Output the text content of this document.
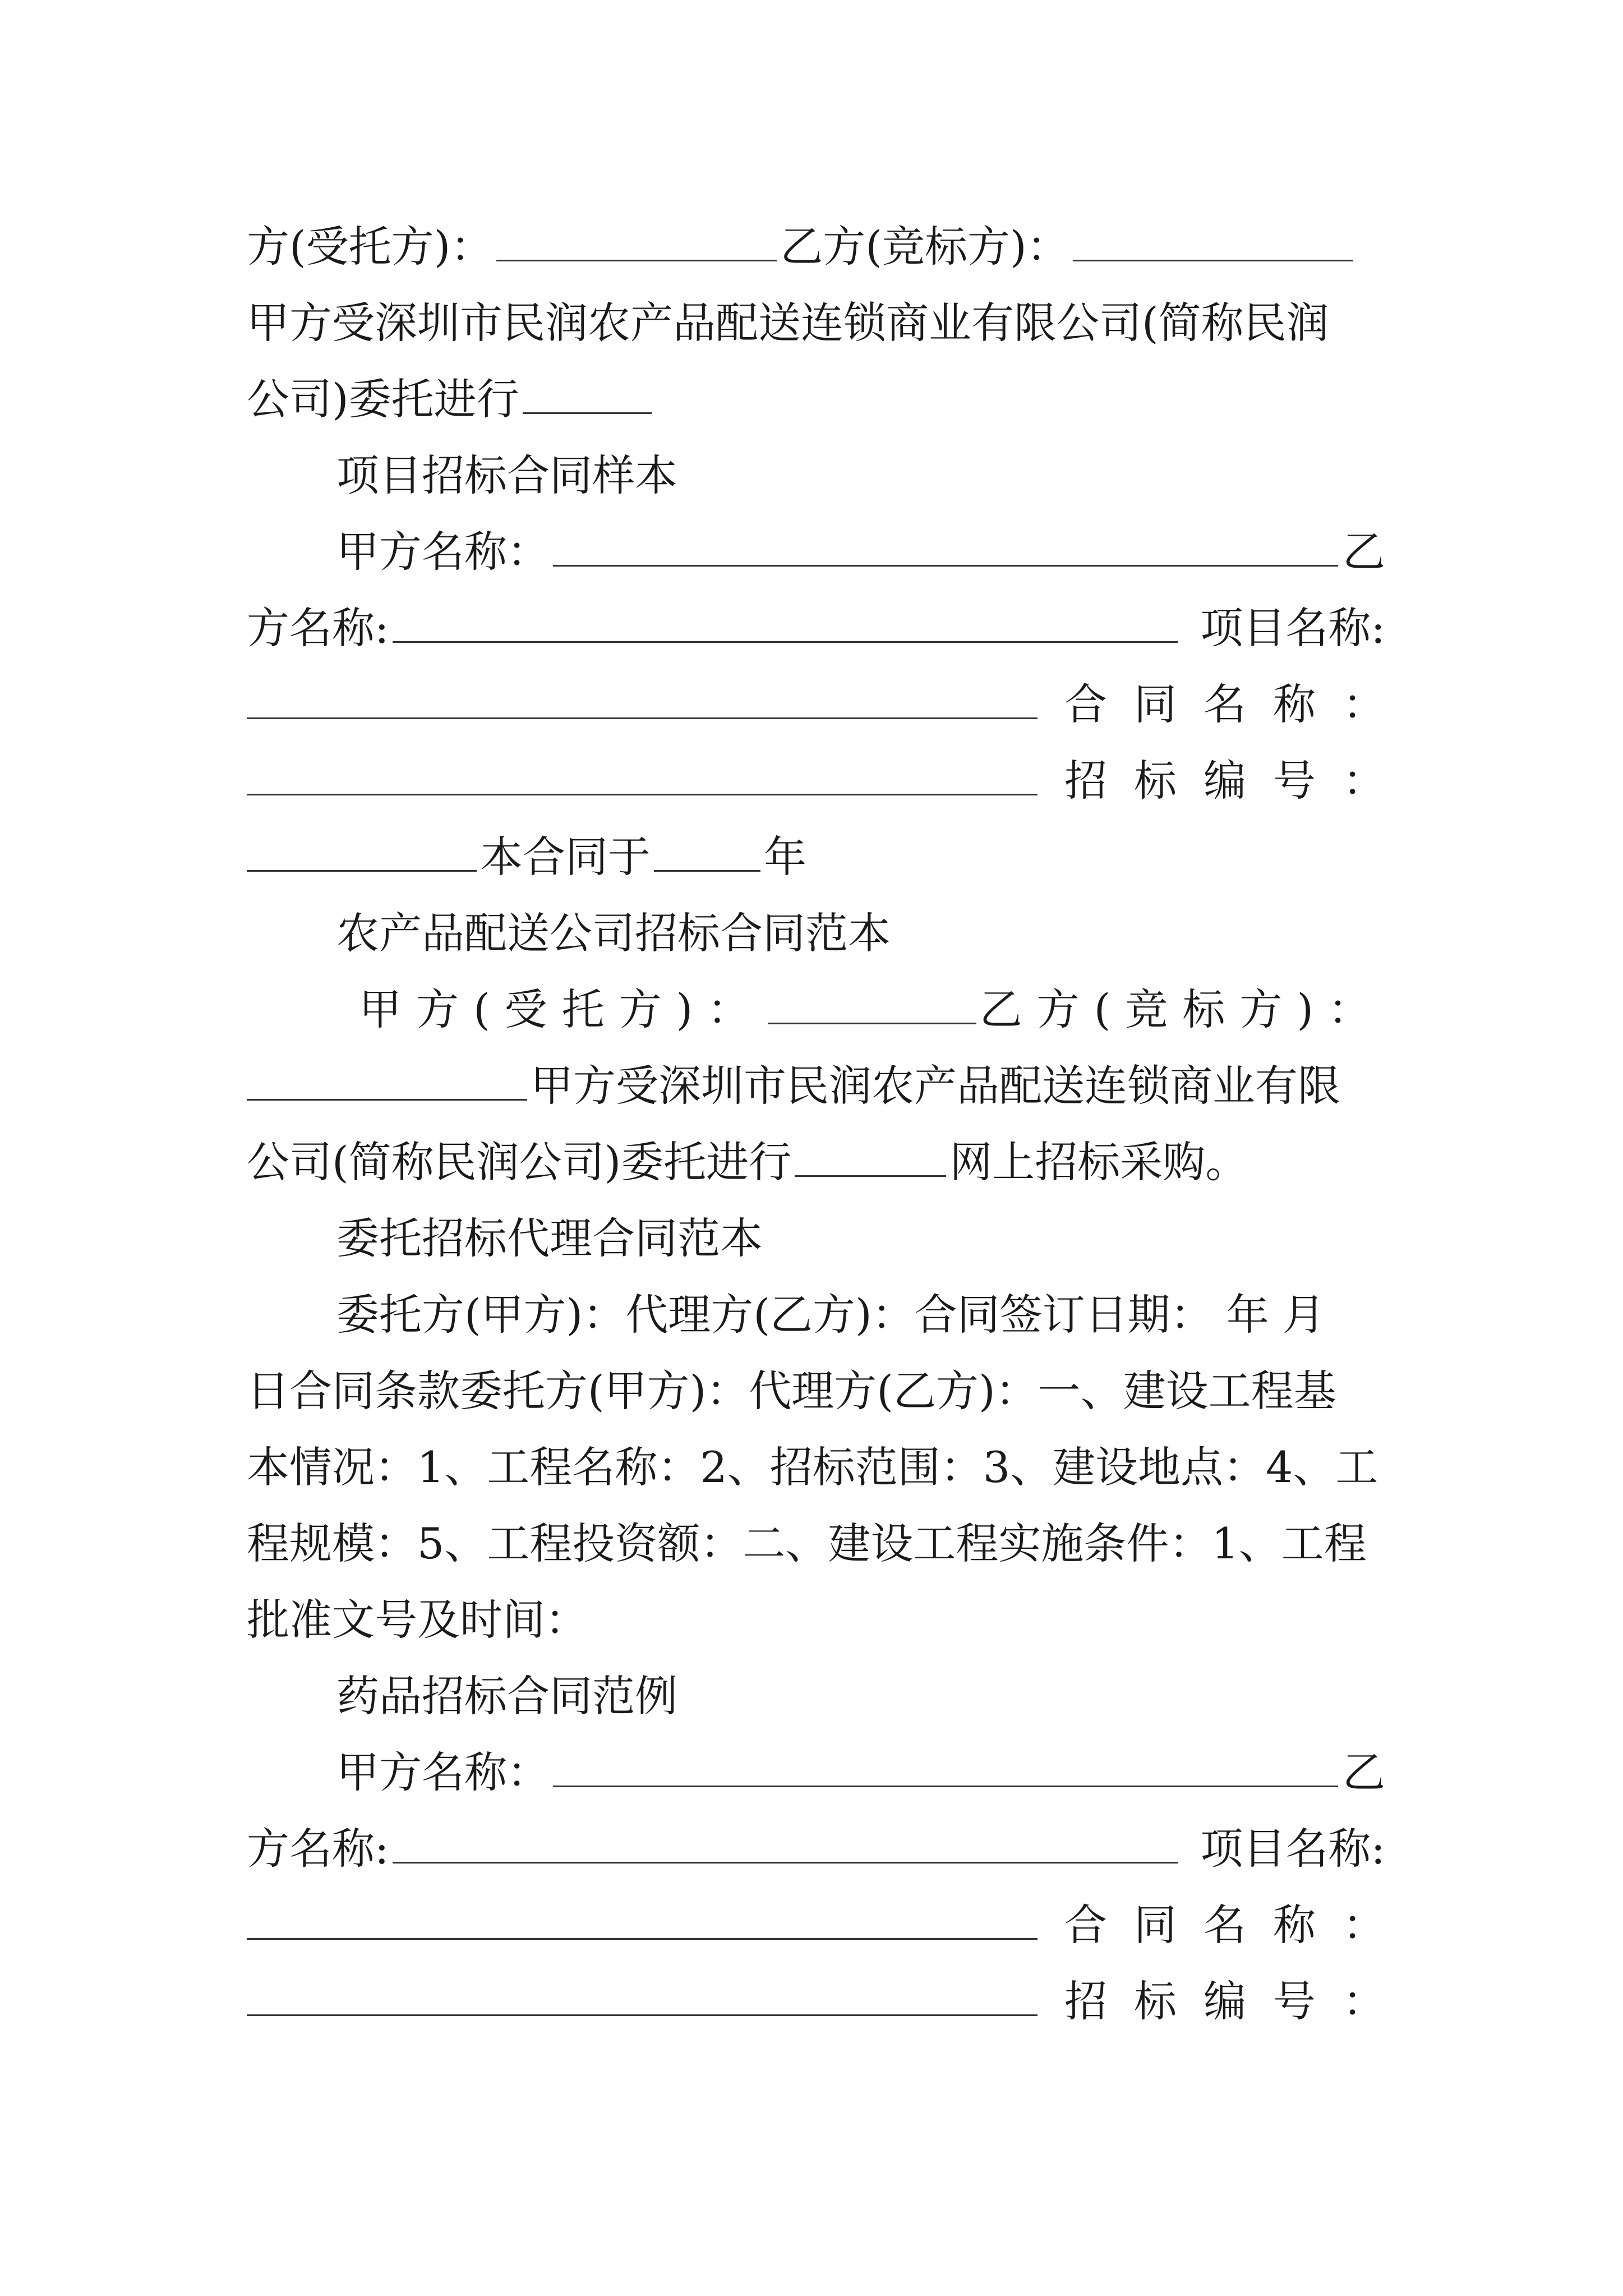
方(受托方)：	乙方(竞标方)：
甲方受深圳市民润农产品配送连锁商业有限公司(简称民润
公司)委托进行
项目招标合同样本
甲方名称：	乙
方名称:	项目名称:
合同名称：
招标编号：
本合同于	年
农产品配送公司招标合同范本
甲方(受托方)：	乙方(竞标方)：
甲方受深圳市民润农产品配送连锁商业有限
公司(简称民润公司)委托进行	网上招标采购。
委托招标代理合同范本
委托方(甲方)：代理方(乙方)：合同签订日期： 年 月
日合同条款委托方(甲方)：代理方(乙方)：一、建设工程基
本情况：1、工程名称：2、招标范围：3、建设地点：4、工
程规模：5、工程投资额：二、建设工程实施条件：1、工程
批准文号及时间：
药品招标合同范例
甲方名称：	乙
方名称:	项目名称:
合同名称：
招标编号：
